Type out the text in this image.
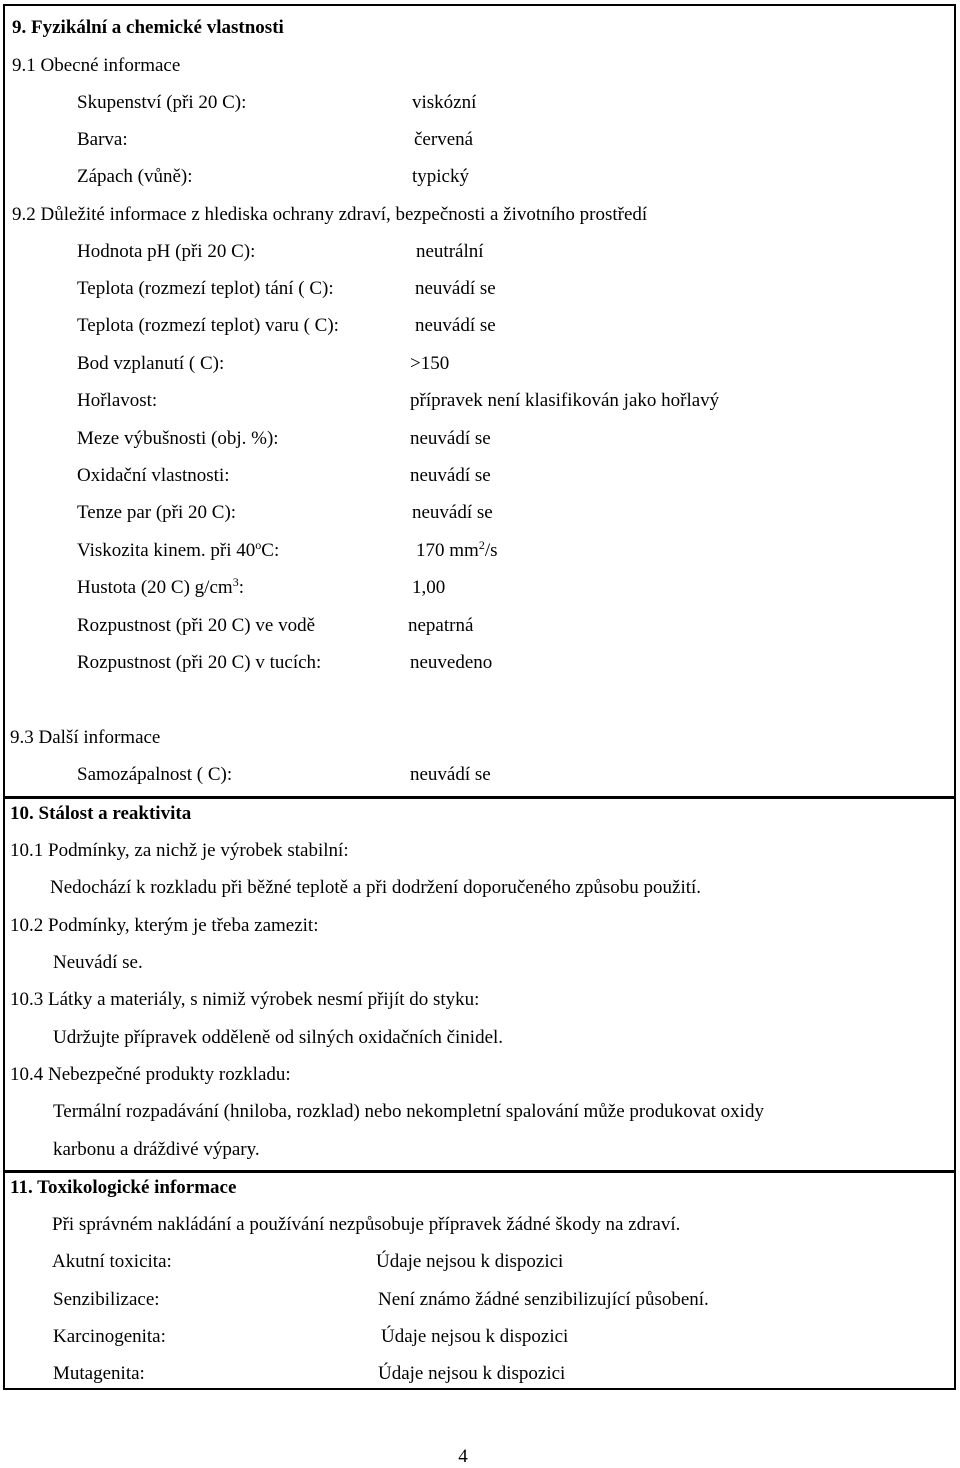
9. Fyzikální a chemické vlastnosti
9.1 Obecné informace
Skupenství (při 20 C):	viskózní
Barva:	červená
Zápach (vůně):	typický
9.2 Důležité informace z hlediska ochrany zdraví, bezpečnosti a životního prostředí
Hodnota pH (při 20 C):	neutrální
Teplota (rozmezí teplot) tání ( C):	neuvádí se
Teplota (rozmezí teplot) varu ( C):	neuvádí se
Bod vzplanutí ( C):	>150
Hořlavost:	přípravek není klasifikován jako hořlavý
Meze výbušnosti (obj. %):	neuvádí se
Oxidační vlastnosti:	neuvádí se
Tenze par (při 20 C):	neuvádí se
Viskozita kinem. při 40$^o$C:	170 $mm^2/s$
Hustota (20 C) $g/cm^3$:	1,00
Rozpustnost (při 20 C) ve vodě	nepatrná
Rozpustnost (při 20 C) v tucích:	neuvedeno
9.3 Další informace
Samozápalnost ( C):	neuvádí se
10. Stálost a reaktivita
10.1 Podmínky, za nichž je výrobek stabilní:
Nedochází k rozkladu při běžné teplotě a při dodržení doporučeného způsobu použití.
10.2 Podmínky, kterým je třeba zamezit:
Neuvádí se.
10.3 Látky a materiály, s nimiž výrobek nesmí přijít do styku:
Udržujte přípravek odděleně od silných oxidačních činidel.
10.4 Nebezpečné produkty rozkladu:
Termální rozpadávání (hniloba, rozklad) nebo nekompletní spalování může produkovat oxidy
karbonu a dráždivé výpary.
11. Toxikologické informace
Při správném nakládání a používání nezpůsobuje přípravek žádné škody na zdraví.
Akutní toxicita:	Údaje nejsou k dispozici
Senzibilizace:	Není známo žádné senzibilizující působení.
Karcinogenita:	Údaje nejsou k dispozici
Mutagenita:	Údaje nejsou k dispozici
4
